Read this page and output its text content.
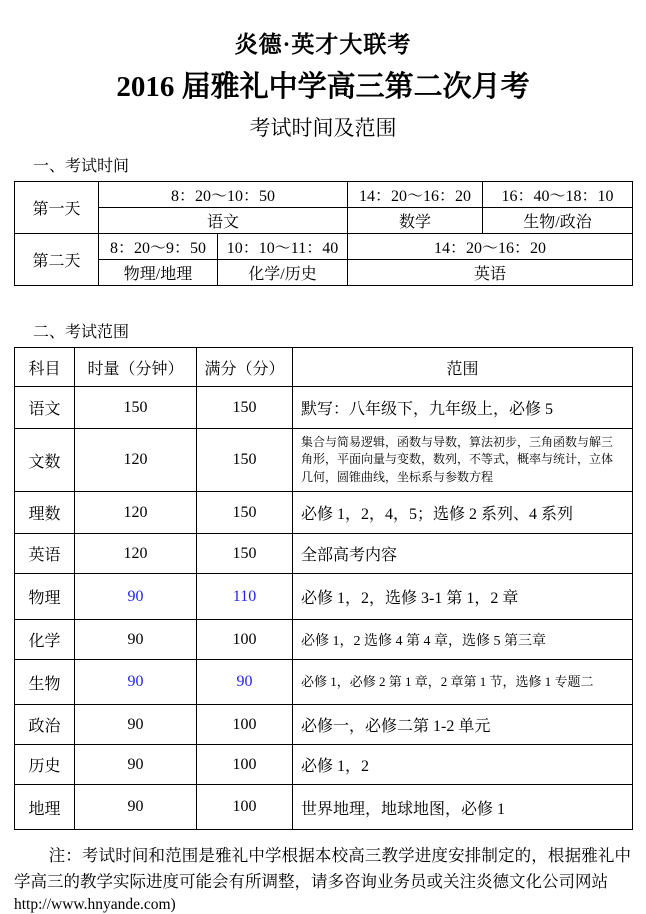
炎德·英才大联考
2016 届雅礼中学高三第二次月考
考试时间及范围
一、考试时间
第一天	8：20～10：50		14：20～16：20	16：40～18：10
	语文		数学	生物/政治
第二天	8：20～9：50	10：10～11：40	14：20～16：20	
	物理/地理	化学/历史	英语	
二、考试范围
科目	时量（分钟）	满分（分）	范围
语文	150	150	默写：八年级下，九年级上，必修 5
文数	120	150	集合与简易逻辑，函数与导数，算法初步，三角函数与解三角形，平面向量与变数，数列，不等式，概率与统计，立体几何，圆锥曲线，坐标系与参数方程
理数	120	150	必修 1，2，4，5；选修 2 系列、4 系列
英语	120	150	全部高考内容
物理	90	110	必修 1，2，选修 3-1 第 1，2 章
化学	90	100	必修 1，2 选修 4 第 4 章，选修 5 第三章
生物	90	90	必修 1，必修 2 第 1 章，2 章第 1 节，选修 1 专题二
政治	90	100	必修一，必修二第 1-2 单元
历史	90	100	必修 1，2
地理	90	100	世界地理，地球地图，必修 1
注：考试时间和范围是雅礼中学根据本校高三教学进度安排制定的，根据雅礼中学高三的教学实际进度可能会有所调整，请多咨询业务员或关注炎德文化公司网站
http://www.hnyande.com)
